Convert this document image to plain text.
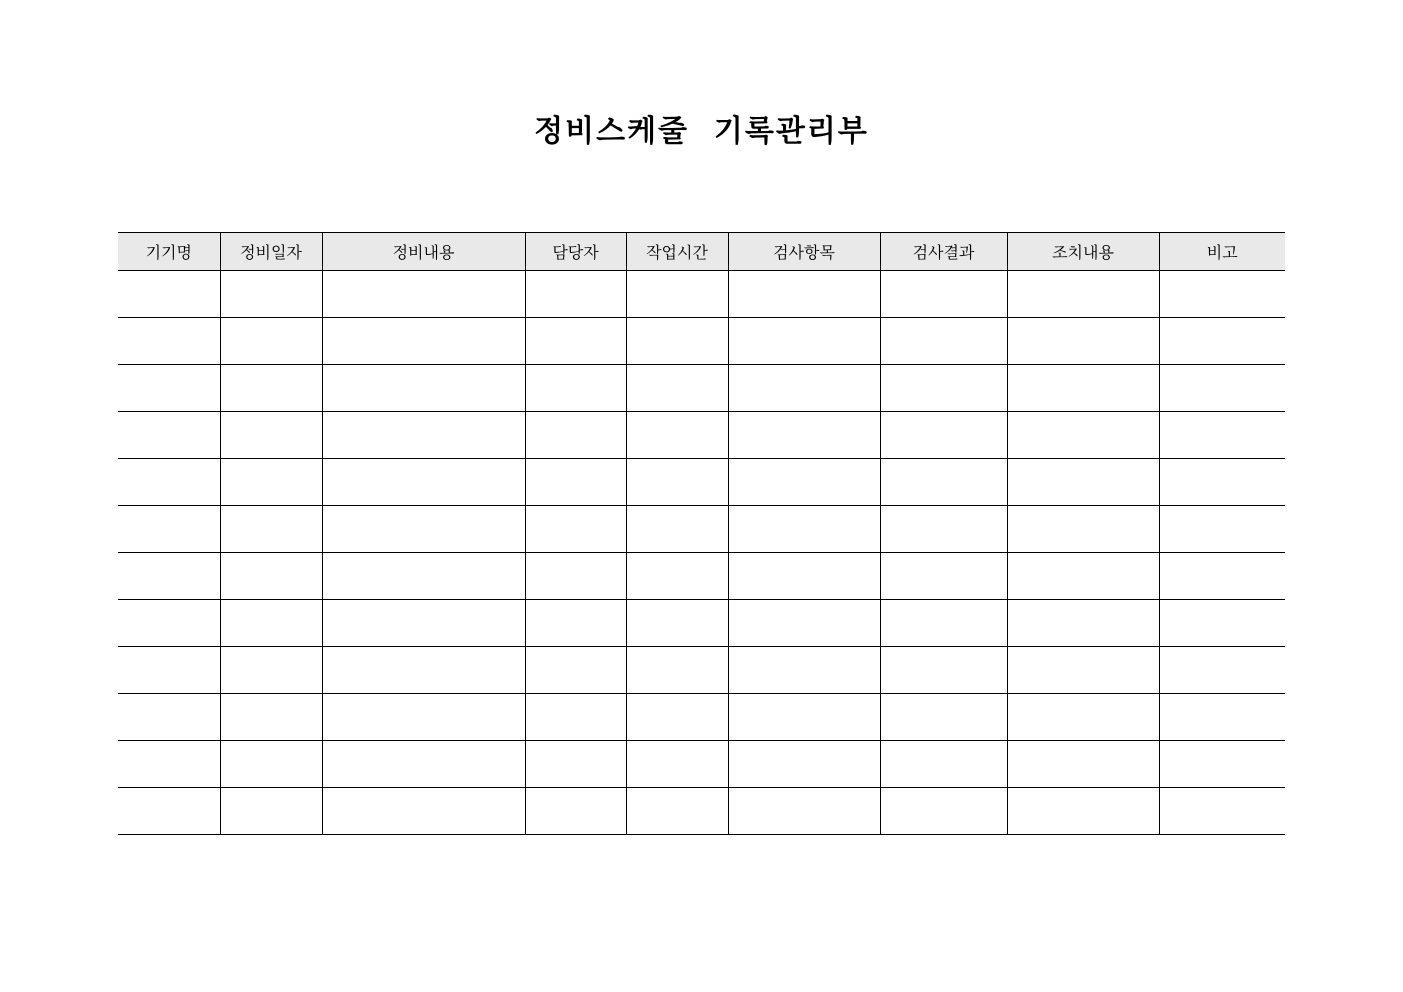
정비스케줄  기록관리부
기기명	정비일자	정비내용	담당자	작업시간	검사항목	검사결과	조치내용	비고
